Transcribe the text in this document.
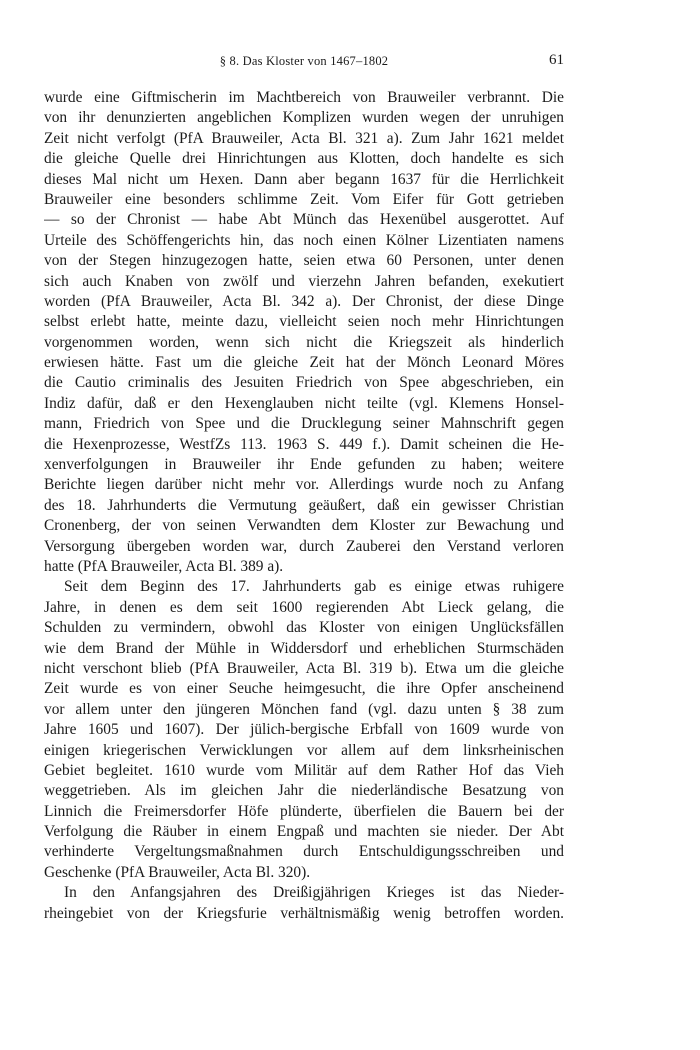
§ 8. Das Kloster von 1467–1802	61
wurde eine Giftmischerin im Machtbereich von Brauweiler verbrannt. Die
von ihr denunzierten angeblichen Komplizen wurden wegen der unruhigen
Zeit nicht verfolgt (PfA Brauweiler, Acta Bl. 321 a). Zum Jahr 1621 meldet
die gleiche Quelle drei Hinrichtungen aus Klotten, doch handelte es sich
dieses Mal nicht um Hexen. Dann aber begann 1637 für die Herrlichkeit
Brauweiler eine besonders schlimme Zeit. Vom Eifer für Gott getrieben
— so der Chronist — habe Abt Münch das Hexenübel ausgerottet. Auf
Urteile des Schöffengerichts hin, das noch einen Kölner Lizentiaten namens
von der Stegen hinzugezogen hatte, seien etwa 60 Personen, unter denen
sich auch Knaben von zwölf und vierzehn Jahren befanden, exekutiert
worden (PfA Brauweiler, Acta Bl. 342 a). Der Chronist, der diese Dinge
selbst erlebt hatte, meinte dazu, vielleicht seien noch mehr Hinrichtungen
vorgenommen worden, wenn sich nicht die Kriegszeit als hinderlich
erwiesen hätte. Fast um die gleiche Zeit hat der Mönch Leonard Möres
die Cautio criminalis des Jesuiten Friedrich von Spee abgeschrieben, ein
Indiz dafür, daß er den Hexenglauben nicht teilte (vgl. Klemens Honsel-
mann, Friedrich von Spee und die Drucklegung seiner Mahnschrift gegen
die Hexenprozesse, WestfZs 113. 1963 S. 449 f.). Damit scheinen die He-
xenverfolgungen in Brauweiler ihr Ende gefunden zu haben; weitere
Berichte liegen darüber nicht mehr vor. Allerdings wurde noch zu Anfang
des 18. Jahrhunderts die Vermutung geäußert, daß ein gewisser Christian
Cronenberg, der von seinen Verwandten dem Kloster zur Bewachung und
Versorgung übergeben worden war, durch Zauberei den Verstand verloren
hatte (PfA Brauweiler, Acta Bl. 389 a).
Seit dem Beginn des 17. Jahrhunderts gab es einige etwas ruhigere
Jahre, in denen es dem seit 1600 regierenden Abt Lieck gelang, die
Schulden zu vermindern, obwohl das Kloster von einigen Unglücksfällen
wie dem Brand der Mühle in Widdersdorf und erheblichen Sturmschäden
nicht verschont blieb (PfA Brauweiler, Acta Bl. 319 b). Etwa um die gleiche
Zeit wurde es von einer Seuche heimgesucht, die ihre Opfer anscheinend
vor allem unter den jüngeren Mönchen fand (vgl. dazu unten § 38 zum
Jahre 1605 und 1607). Der jülich-bergische Erbfall von 1609 wurde von
einigen kriegerischen Verwicklungen vor allem auf dem linksrheinischen
Gebiet begleitet. 1610 wurde vom Militär auf dem Rather Hof das Vieh
weggetrieben. Als im gleichen Jahr die niederländische Besatzung von
Linnich die Freimersdorfer Höfe plünderte, überfielen die Bauern bei der
Verfolgung die Räuber in einem Engpaß und machten sie nieder. Der Abt
verhinderte Vergeltungsmaßnahmen durch Entschuldigungsschreiben und
Geschenke (PfA Brauweiler, Acta Bl. 320).
In den Anfangsjahren des Dreißigjährigen Krieges ist das Nieder-
rheingebiet von der Kriegsfurie verhältnismäßig wenig betroffen worden.
